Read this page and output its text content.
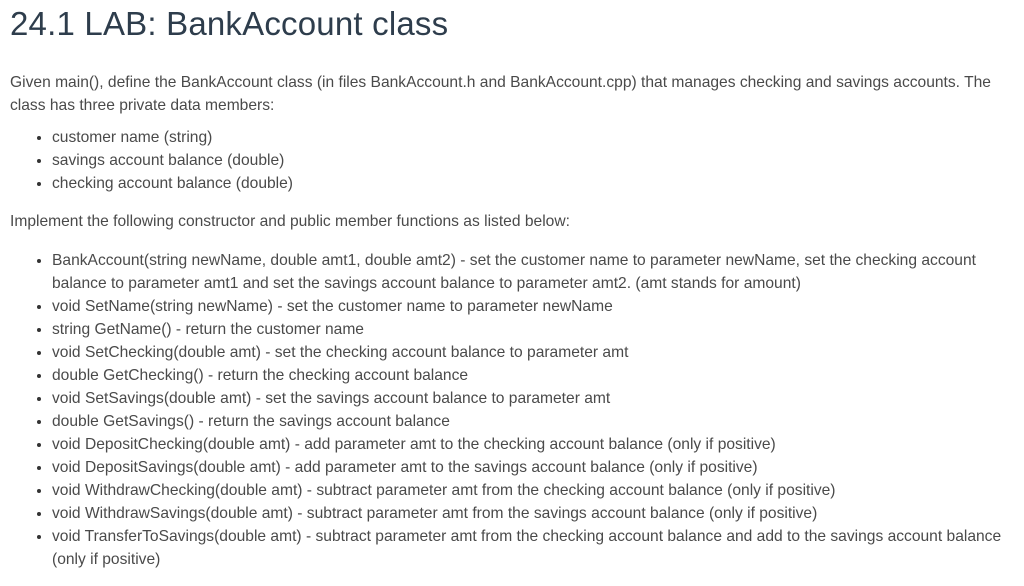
24.1 LAB: BankAccount class

Given main(), define the BankAccount class (in files BankAccount.h and BankAccount.cpp) that manages checking and savings accounts. The class has three private data members:

• customer name (string)
• savings account balance (double)
• checking account balance (double)

Implement the following constructor and public member functions as listed below:

• BankAccount(string newName, double amt1, double amt2) - set the customer name to parameter newName, set the checking account balance to parameter amt1 and set the savings account balance to parameter amt2. (amt stands for amount)
• void SetName(string newName) - set the customer name to parameter newName
• string GetName() - return the customer name
• void SetChecking(double amt) - set the checking account balance to parameter amt
• double GetChecking() - return the checking account balance
• void SetSavings(double amt) - set the savings account balance to parameter amt
• double GetSavings() - return the savings account balance
• void DepositChecking(double amt) - add parameter amt to the checking account balance (only if positive)
• void DepositSavings(double amt) - add parameter amt to the savings account balance (only if positive)
• void WithdrawChecking(double amt) - subtract parameter amt from the checking account balance (only if positive)
• void WithdrawSavings(double amt) - subtract parameter amt from the savings account balance (only if positive)
• void TransferToSavings(double amt) - subtract parameter amt from the checking account balance and add to the savings account balance (only if positive)
